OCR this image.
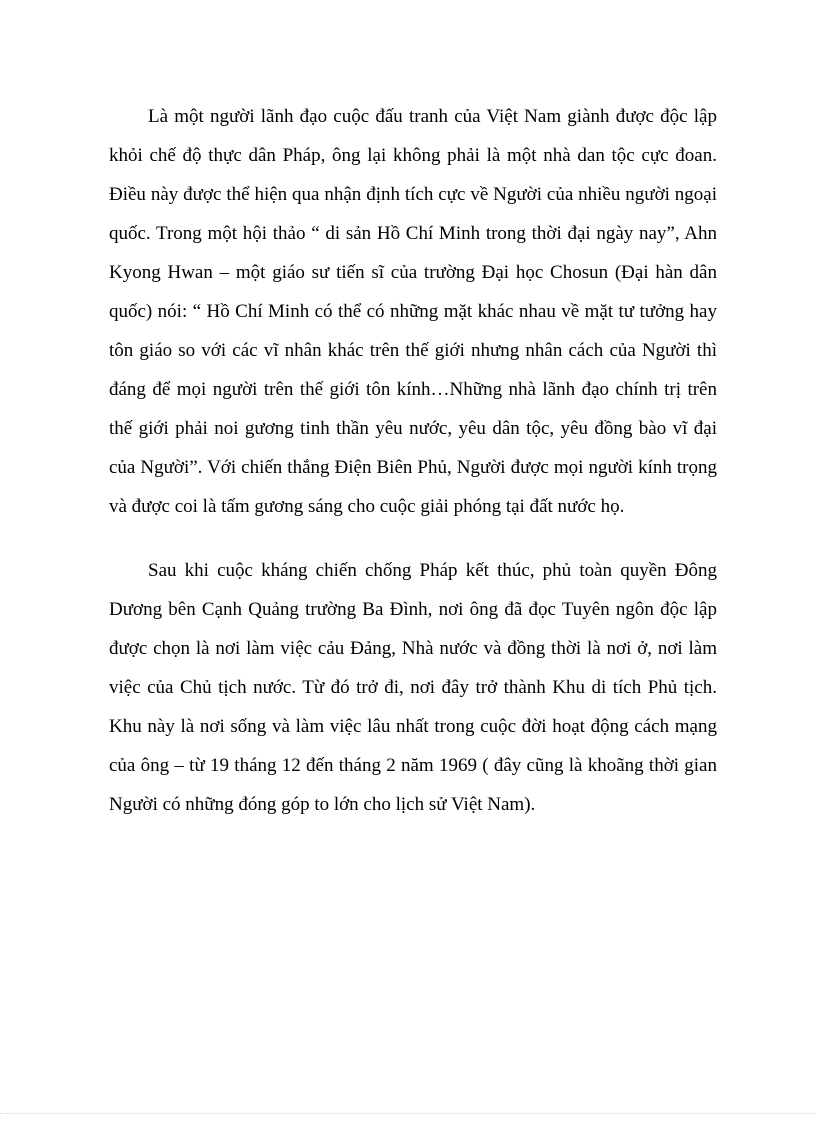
Là một người lãnh đạo cuộc đấu tranh của Việt Nam giành được độc lập khỏi chế độ thực dân Pháp, ông lại không phải là một nhà dan tộc cực đoan. Điều này được thể hiện qua nhận định tích cực về Người của nhiều người ngoại quốc. Trong một hội thảo “ di sản Hồ Chí Minh trong thời đại ngày nay”, Ahn Kyong Hwan – một giáo sư tiến sĩ của trường Đại học Chosun (Đại hàn dân quốc) nói: “ Hồ Chí Minh có thể có những mặt khác nhau về mặt tư tưởng hay tôn giáo so với các vĩ nhân khác trên thế giới nhưng nhân cách của Người thì đáng để mọi người trên thế giới tôn kính…Những nhà lãnh đạo chính trị trên thế giới phải noi gương tinh thần yêu nước, yêu dân tộc, yêu đồng bào vĩ đại của Người”. Với chiến thắng Điện Biên Phủ, Người được mọi người kính trọng và được coi là tấm gương sáng cho cuộc giải phóng tại đất nước họ.

Sau khi cuộc kháng chiến chống Pháp kết thúc, phủ toàn quyền Đông Dương bên Cạnh Quảng trường Ba Đình, nơi ông đã đọc Tuyên ngôn độc lập được chọn là nơi làm việc cảu Đảng, Nhà nước và đồng thời là nơi ở, nơi làm việc của Chủ tịch nước. Từ đó trở đi, nơi đây trở thành Khu di tích Phủ tịch. Khu này là nơi sống và làm việc lâu nhất trong cuộc đời hoạt động cách mạng của ông – từ 19 tháng 12 đến tháng 2 năm 1969 ( đây cũng là khoãng thời gian Người có những đóng góp to lớn cho lịch sử Việt Nam).
